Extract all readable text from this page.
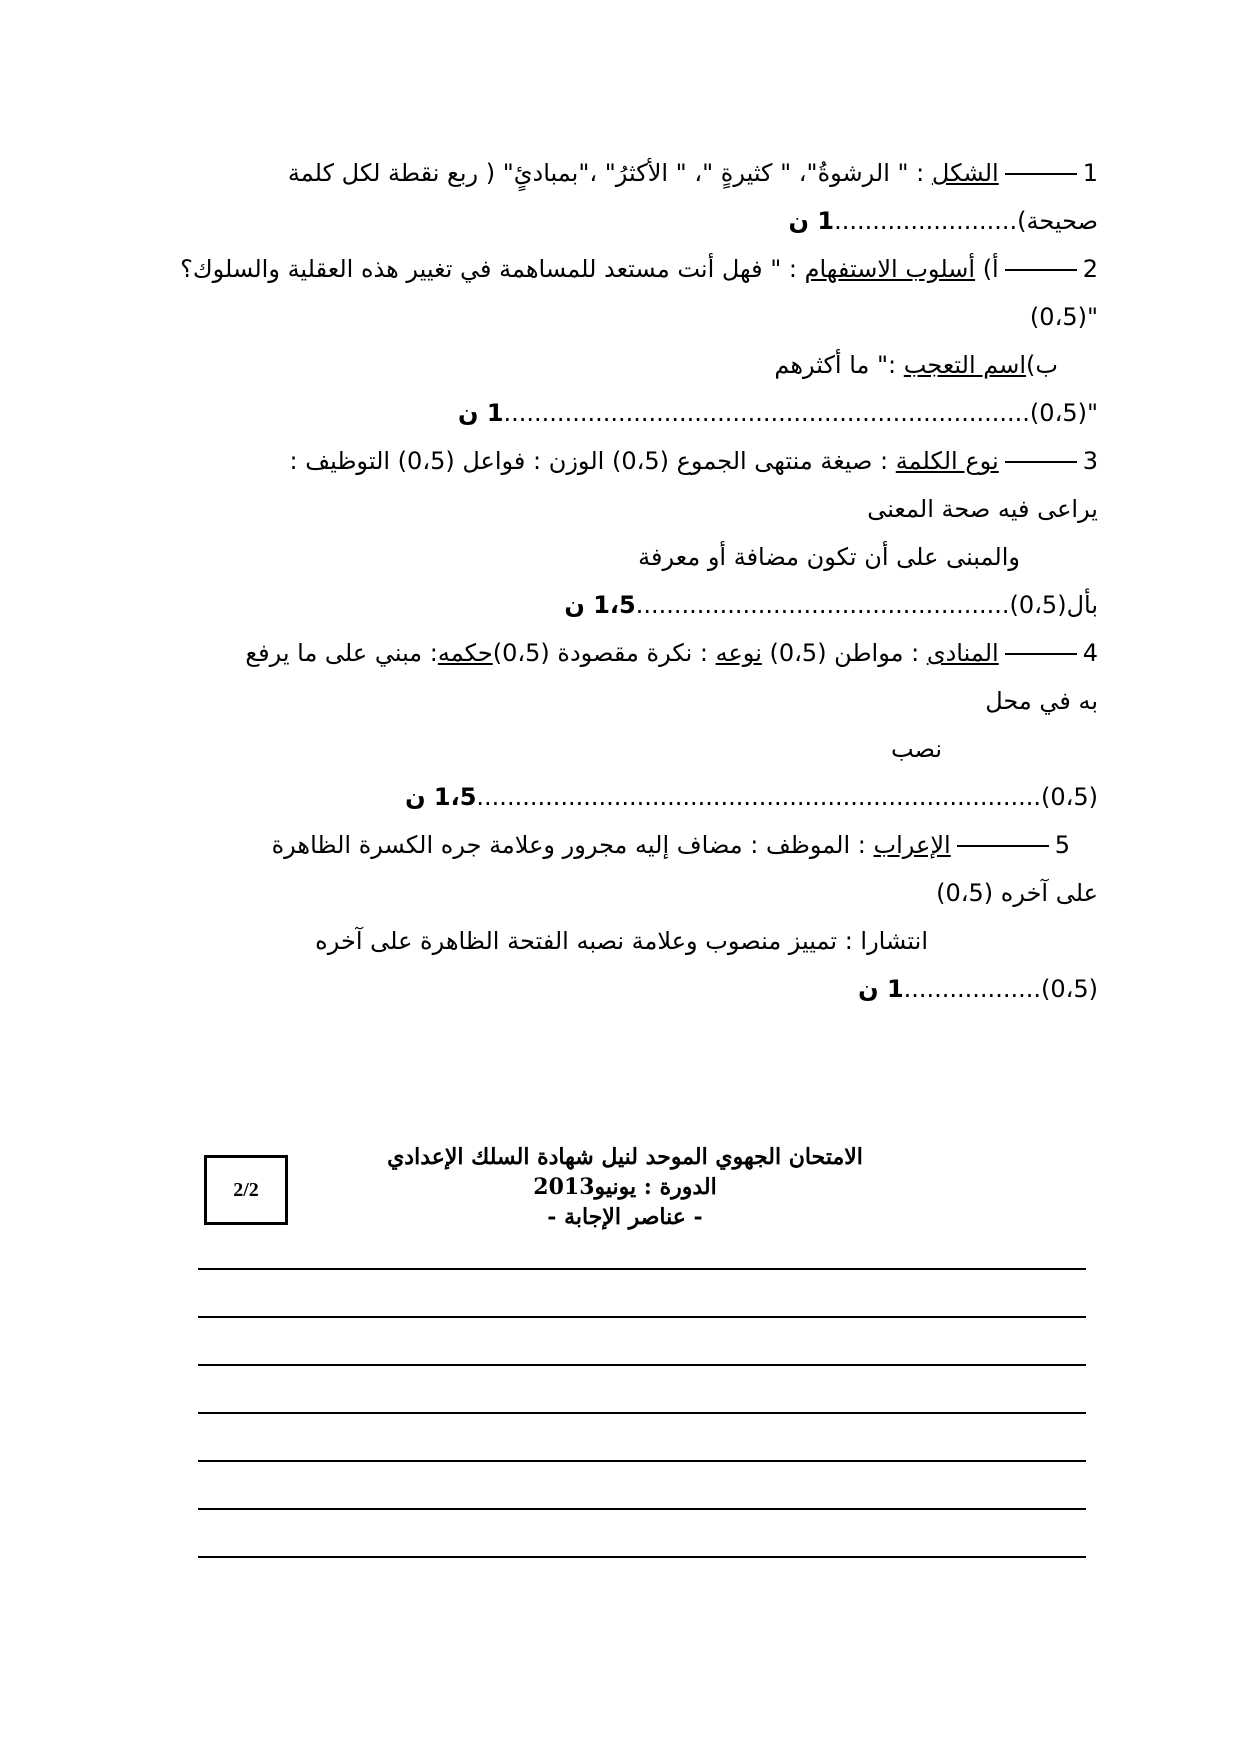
1الشكل : " الرشوةُ"، " كثيرةٍ "، " الأكثرُ" ،"بمبادئٍ" ( ربع نقطة لكل كلمة
صحيحة)........................1 ن
2أ) أسلوب الاستفهام : " فهل أنت مستعد للمساهمة في تغيير هذه العقلية والسلوك؟
"(0،5)
ب)اسم التعجب :" ما أكثرهم
"(0،5).....................................................................1 ن
3نوع الكلمة : صيغة منتهى الجموع (0،5) الوزن : فواعل (0،5) التوظيف :
يراعى فيه صحة المعنى
والمبنى على أن تكون مضافة أو معرفة
بأل(0،5).................................................1،5 ن
4المنادى : مواطن (0،5) نوعه : نكرة مقصودة (0،5)حكمه: مبني على ما يرفع
به في محل
نصب
(0،5)..........................................................................1،5 ن
5الإعراب : الموظف : مضاف إليه مجرور وعلامة جره الكسرة الظاهرة
على آخره (0،5)
انتشارا : تمييز منصوب وعلامة نصبه الفتحة الظاهرة على آخره
(0،5)..................1 ن
2/2
الامتحان الجهوي الموحد لنيل شهادة السلك الإعدادي
الدورة : يونيو2013
- عناصر الإجابة -
